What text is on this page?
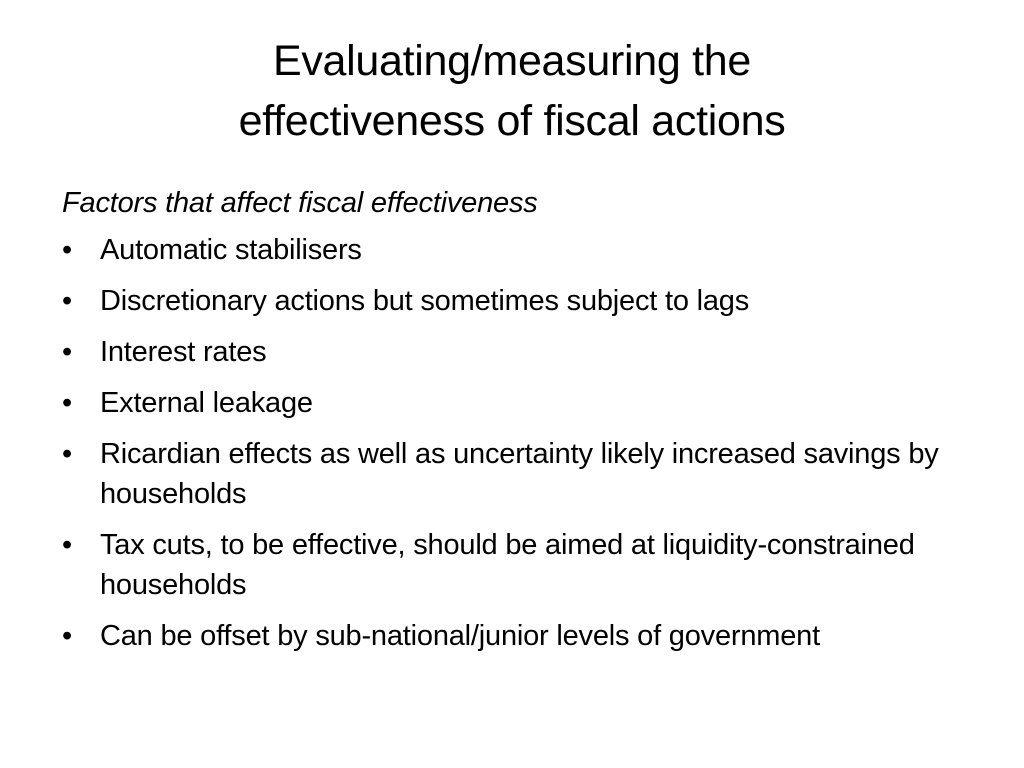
Evaluating/measuring the
effectiveness of fiscal actions
Factors that affect fiscal effectiveness
• Automatic stabilisers
• Discretionary actions but sometimes subject to lags
• Interest rates
• External leakage
• Ricardian effects as well as uncertainty likely increased savings by households
• Tax cuts, to be effective, should be aimed at liquidity-constrained households
• Can be offset by sub-national/junior levels of government
